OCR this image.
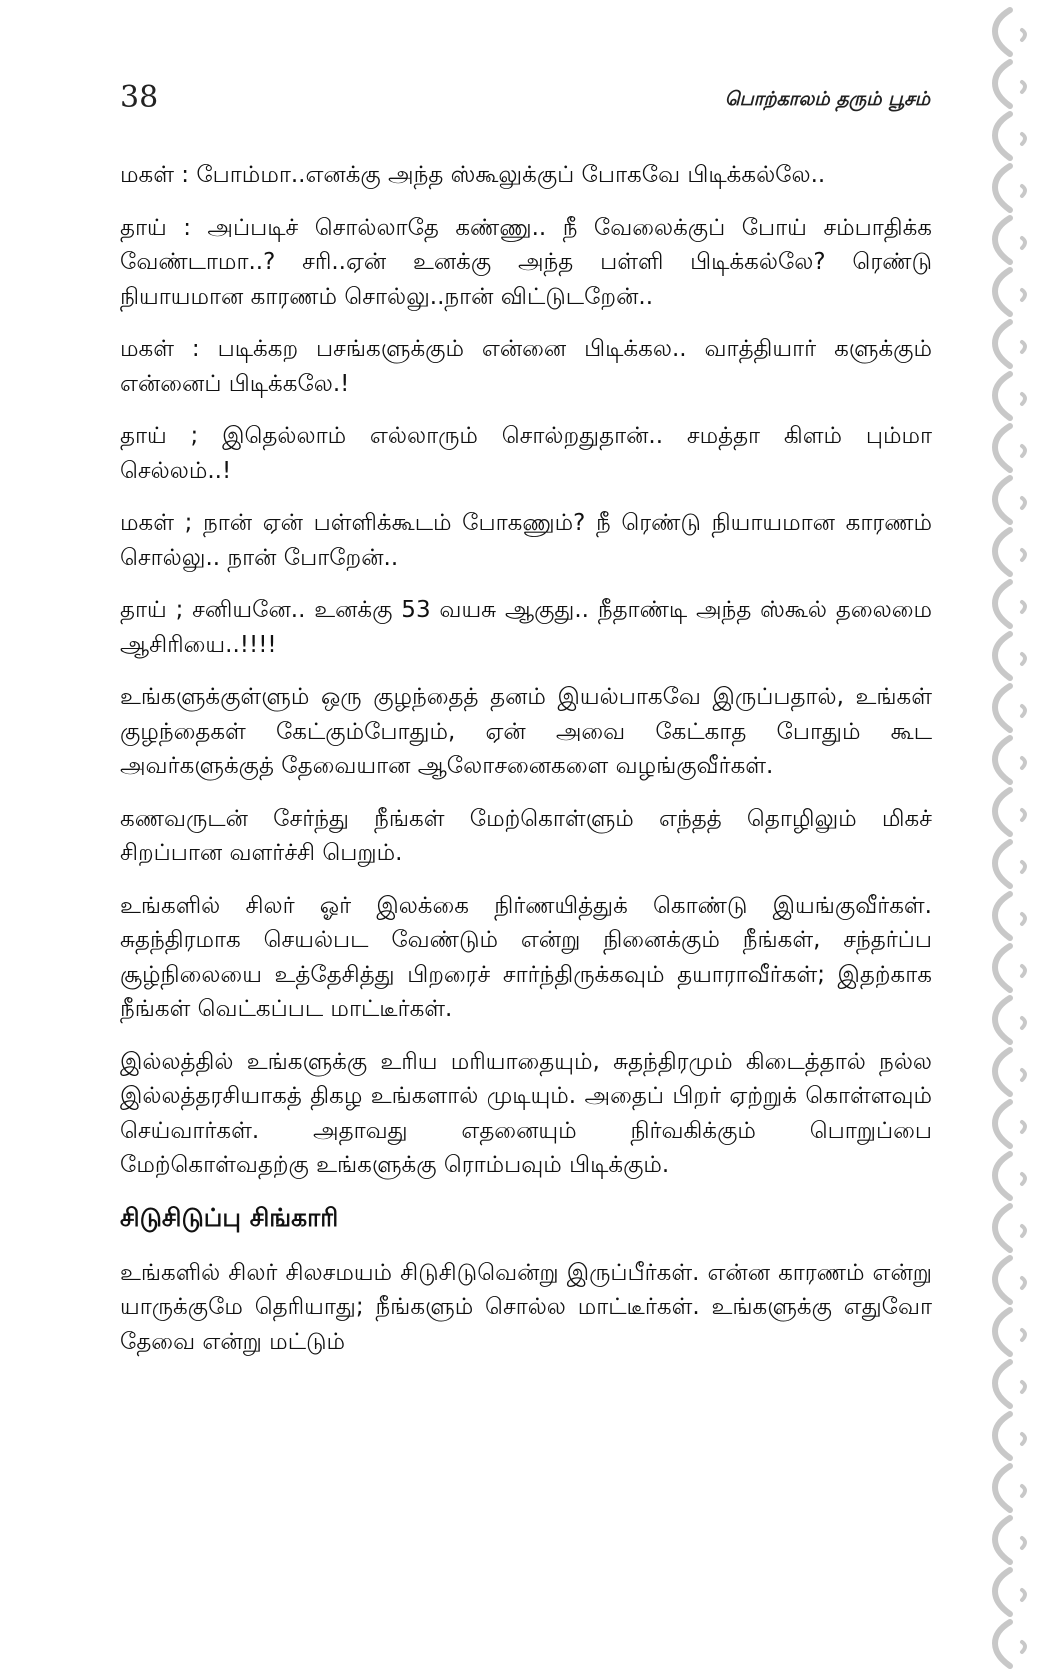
38	பொற்காலம் தரும் பூசம்

மகள் : போம்மா..எனக்கு அந்த ஸ்கூலுக்குப் போகவே பிடிக்கல்லே..

தாய் : அப்படிச் சொல்லாதே கண்ணு.. நீ வேலைக்குப் போய் சம்பாதிக்க வேண்டாமா..? சரி..ஏன் உனக்கு அந்த பள்ளி பிடிக்கல்லே? ரெண்டு நியாயமான காரணம் சொல்லு..நான் விட்டுடறேன்..

மகள் : படிக்கற பசங்களுக்கும் என்னை பிடிக்கல.. வாத்தியார் களுக்கும் என்னைப் பிடிக்கலே.!

தாய் ; இதெல்லாம் எல்லாரும் சொல்றதுதான்.. சமத்தா கிளம் பும்மா செல்லம்..!

மகள் ; நான் ஏன் பள்ளிக்கூடம் போகணும்? நீ ரெண்டு நியாயமான காரணம் சொல்லு.. நான் போறேன்..

தாய் ; சனியனே.. உனக்கு 53 வயசு ஆகுது.. நீதாண்டி அந்த ஸ்கூல் தலைமை ஆசிரியை..!!!!

உங்களுக்குள்ளும் ஒரு குழந்தைத் தனம் இயல்பாகவே இருப்பதால், உங்கள் குழந்தைகள் கேட்கும்போதும், ஏன் அவை கேட்காத போதும் கூட அவர்களுக்குத் தேவையான ஆலோசனைகளை வழங்குவீர்கள்.

கணவருடன் சேர்ந்து நீங்கள் மேற்கொள்ளும் எந்தத் தொழிலும் மிகச் சிறப்பான வளர்ச்சி பெறும்.

உங்களில் சிலர் ஓர் இலக்கை நிர்ணயித்துக் கொண்டு இயங்குவீர்கள். சுதந்திரமாக செயல்பட வேண்டும் என்று நினைக்கும் நீங்கள், சந்தர்ப்ப சூழ்நிலையை உத்தேசித்து பிறரைச் சார்ந்திருக்கவும் தயாராவீர்கள்; இதற்காக நீங்கள் வெட்கப்பட மாட்டீர்கள்.

இல்லத்தில் உங்களுக்கு உரிய மரியாதையும், சுதந்திரமும் கிடைத்தால் நல்ல இல்லத்தரசியாகத் திகழ உங்களால் முடியும். அதைப் பிறர் ஏற்றுக் கொள்ளவும் செய்வார்கள். அதாவது எதனையும் நிர்வகிக்கும் பொறுப்பை மேற்கொள்வதற்கு உங்களுக்கு ரொம்பவும் பிடிக்கும்.

சிடுசிடுப்பு சிங்காரி

உங்களில் சிலர் சிலசமயம் சிடுசிடுவென்று இருப்பீர்கள். என்ன காரணம் என்று யாருக்குமே தெரியாது; நீங்களும் சொல்ல மாட்டீர்கள். உங்களுக்கு எதுவோ தேவை என்று மட்டும்
